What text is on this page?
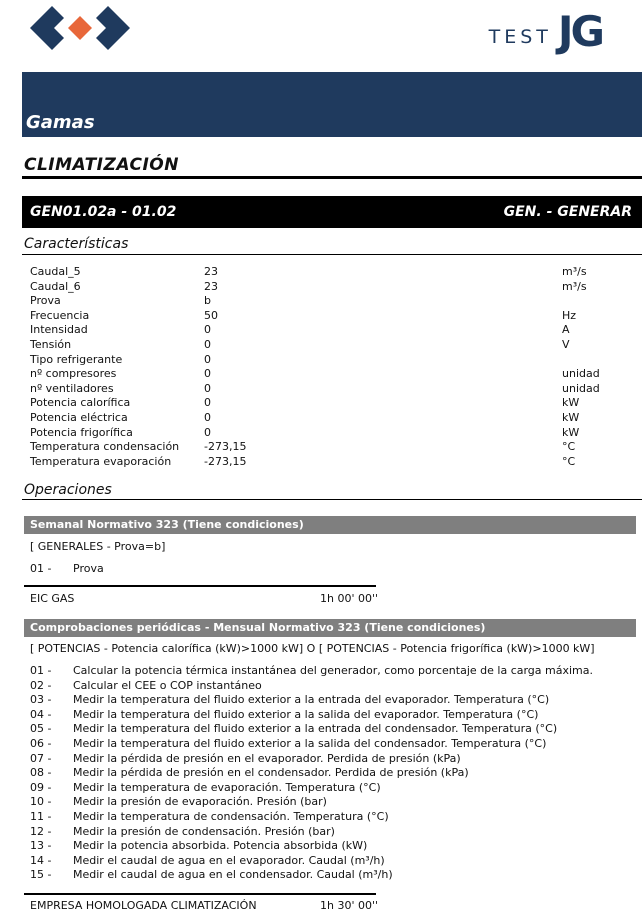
TEST JG
Gamas
CLIMATIZACIÓN
GEN01.02a - 01.02	GEN. - GENERAR
Características
Caudal_5	23	m³/s
Caudal_6	23	m³/s
Prova	b
Frecuencia	50	Hz
Intensidad	0	A
Tensión	0	V
Tipo refrigerante	0
nº compresores	0	unidad
nº ventiladores	0	unidad
Potencia calorífica	0	kW
Potencia eléctrica	0	kW
Potencia frigorífica	0	kW
Temperatura condensación -273,15	°C
Temperatura evaporación	-273,15	°C
Operaciones
Semanal Normativo 323 (Tiene condiciones)
[ GENERALES - Prova=b]
01 - Prova
EIC GAS	1h 00' 00''
Comprobaciones periódicas - Mensual Normativo 323 (Tiene condiciones)
[ POTENCIAS - Potencia calorífica (kW)>1000 kW] O [ POTENCIAS - Potencia frigorífica (kW)>1000 kW]
01 - Calcular la potencia térmica instantánea del generador, como porcentaje de la carga máxima.
02 - Calcular el CEE o COP instantáneo
03 - Medir la temperatura del fluido exterior a la entrada del evaporador. Temperatura (°C)
04 - Medir la temperatura del fluido exterior a la salida del evaporador. Temperatura (°C)
05 - Medir la temperatura del fluido exterior a la entrada del condensador. Temperatura (°C)
06 - Medir la temperatura del fluido exterior a la salida del condensador. Temperatura (°C)
07 - Medir la pérdida de presión en el evaporador. Perdida de presión (kPa)
08 - Medir la pérdida de presión en el condensador. Perdida de presión (kPa)
09 - Medir la temperatura de evaporación. Temperatura (°C)
10 - Medir la presión de evaporación. Presión (bar)
11 - Medir la temperatura de condensación. Temperatura (°C)
12 - Medir la presión de condensación. Presión (bar)
13 - Medir la potencia absorbida. Potencia absorbida (kW)
14 - Medir el caudal de agua en el evaporador. Caudal (m³/h)
15 - Medir el caudal de agua en el condensador. Caudal (m³/h)
EMPRESA HOMOLOGADA CLIMATIZACIÓN	1h 30' 00''
